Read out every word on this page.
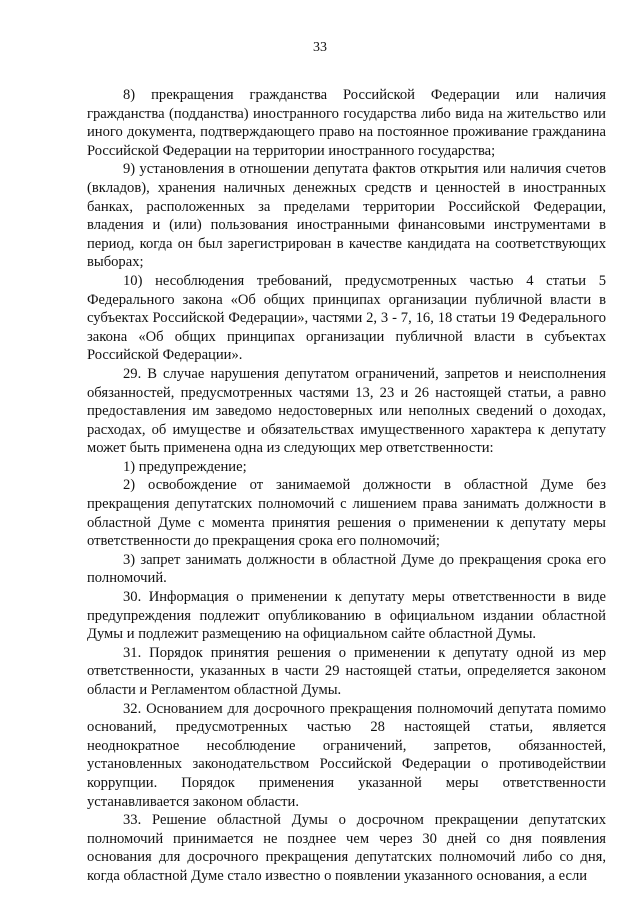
33

8) прекращения гражданства Российской Федерации или наличия гражданства (подданства) иностранного государства либо вида на жительство или иного документа, подтверждающего право на постоянное проживание гражданина Российской Федерации на территории иностранного государства;

9) установления в отношении депутата фактов открытия или наличия счетов (вкладов), хранения наличных денежных средств и ценностей в иностранных банках, расположенных за пределами территории Российской Федерации, владения и (или) пользования иностранными финансовыми инструментами в период, когда он был зарегистрирован в качестве кандидата на соответствующих выборах;

10) несоблюдения требований, предусмотренных частью 4 статьи 5 Федерального закона «Об общих принципах организации публичной власти в субъектах Российской Федерации», частями 2, 3 - 7, 16, 18 статьи 19 Федерального закона «Об общих принципах организации публичной власти в субъектах Российской Федерации».

29. В случае нарушения депутатом ограничений, запретов и неисполнения обязанностей, предусмотренных частями 13, 23 и 26 настоящей статьи, а равно предоставления им заведомо недостоверных или неполных сведений о доходах, расходах, об имуществе и обязательствах имущественного характера к депутату может быть применена одна из следующих мер ответственности:

1) предупреждение;

2) освобождение от занимаемой должности в областной Думе без прекращения депутатских полномочий с лишением права занимать должности в областной Думе с момента принятия решения о применении к депутату меры ответственности до прекращения срока его полномочий;

3) запрет занимать должности в областной Думе до прекращения срока его полномочий.

30. Информация о применении к депутату меры ответственности в виде предупреждения подлежит опубликованию в официальном издании областной Думы и подлежит размещению на официальном сайте областной Думы.

31. Порядок принятия решения о применении к депутату одной из мер ответственности, указанных в части 29 настоящей статьи, определяется законом области и Регламентом областной Думы.

32. Основанием для досрочного прекращения полномочий депутата помимо оснований, предусмотренных частью 28 настоящей статьи, является неоднократное несоблюдение ограничений, запретов, обязанностей, установленных законодательством Российской Федерации о противодействии коррупции. Порядок применения указанной меры ответственности устанавливается законом области.

33. Решение областной Думы о досрочном прекращении депутатских полномочий принимается не позднее чем через 30 дней со дня появления основания для досрочного прекращения депутатских полномочий либо со дня, когда областной Думе стало известно о появлении указанного основания, а если
